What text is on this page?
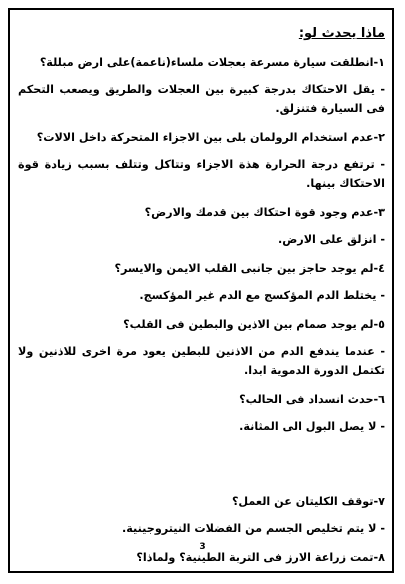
ماذا يحدث لو:

١-انطلقت سيارة مسرعة بعجلات ملساء(ناعمة)على ارض مبللة؟

- يقل الاحتكاك بدرجة كبيرة بين العجلات والطريق ويصعب التحكم فى السيارة فتنزلق.

٢-عدم استخدام الرولمان بلى بين الاجزاء المتحركة داخل الالات؟

- ترتفع درجة الحرارة هذة الاجزاء وتتاكل وتتلف بسبب زيادة قوة الاحتكاك بينها.

٣-عدم وجود قوة احتكاك بين قدمك والارض؟

- انزلق على الارض.

٤-لم يوجد حاجز بين جانبى القلب الايمن والايسر؟

- يختلط الدم المؤكسج مع الدم غير المؤكسج.

٥-لم يوجد صمام بين الاذين والبطين فى القلب؟

- عندما يندفع الدم من الاذنين للبطين يعود مرة اخرى للاذنين ولا تكتمل الدورة الدموية ابدا.

٦-حدث انسداد فى الحالب؟

- لا يصل البول الى المثانة.

٧-توقف الكليتان عن العمل؟

- لا يتم تخليص الجسم من الفضلات النيتروجينية.

٨-تمت زراعة الارز فى التربة الطينية؟ ولماذا؟

3
